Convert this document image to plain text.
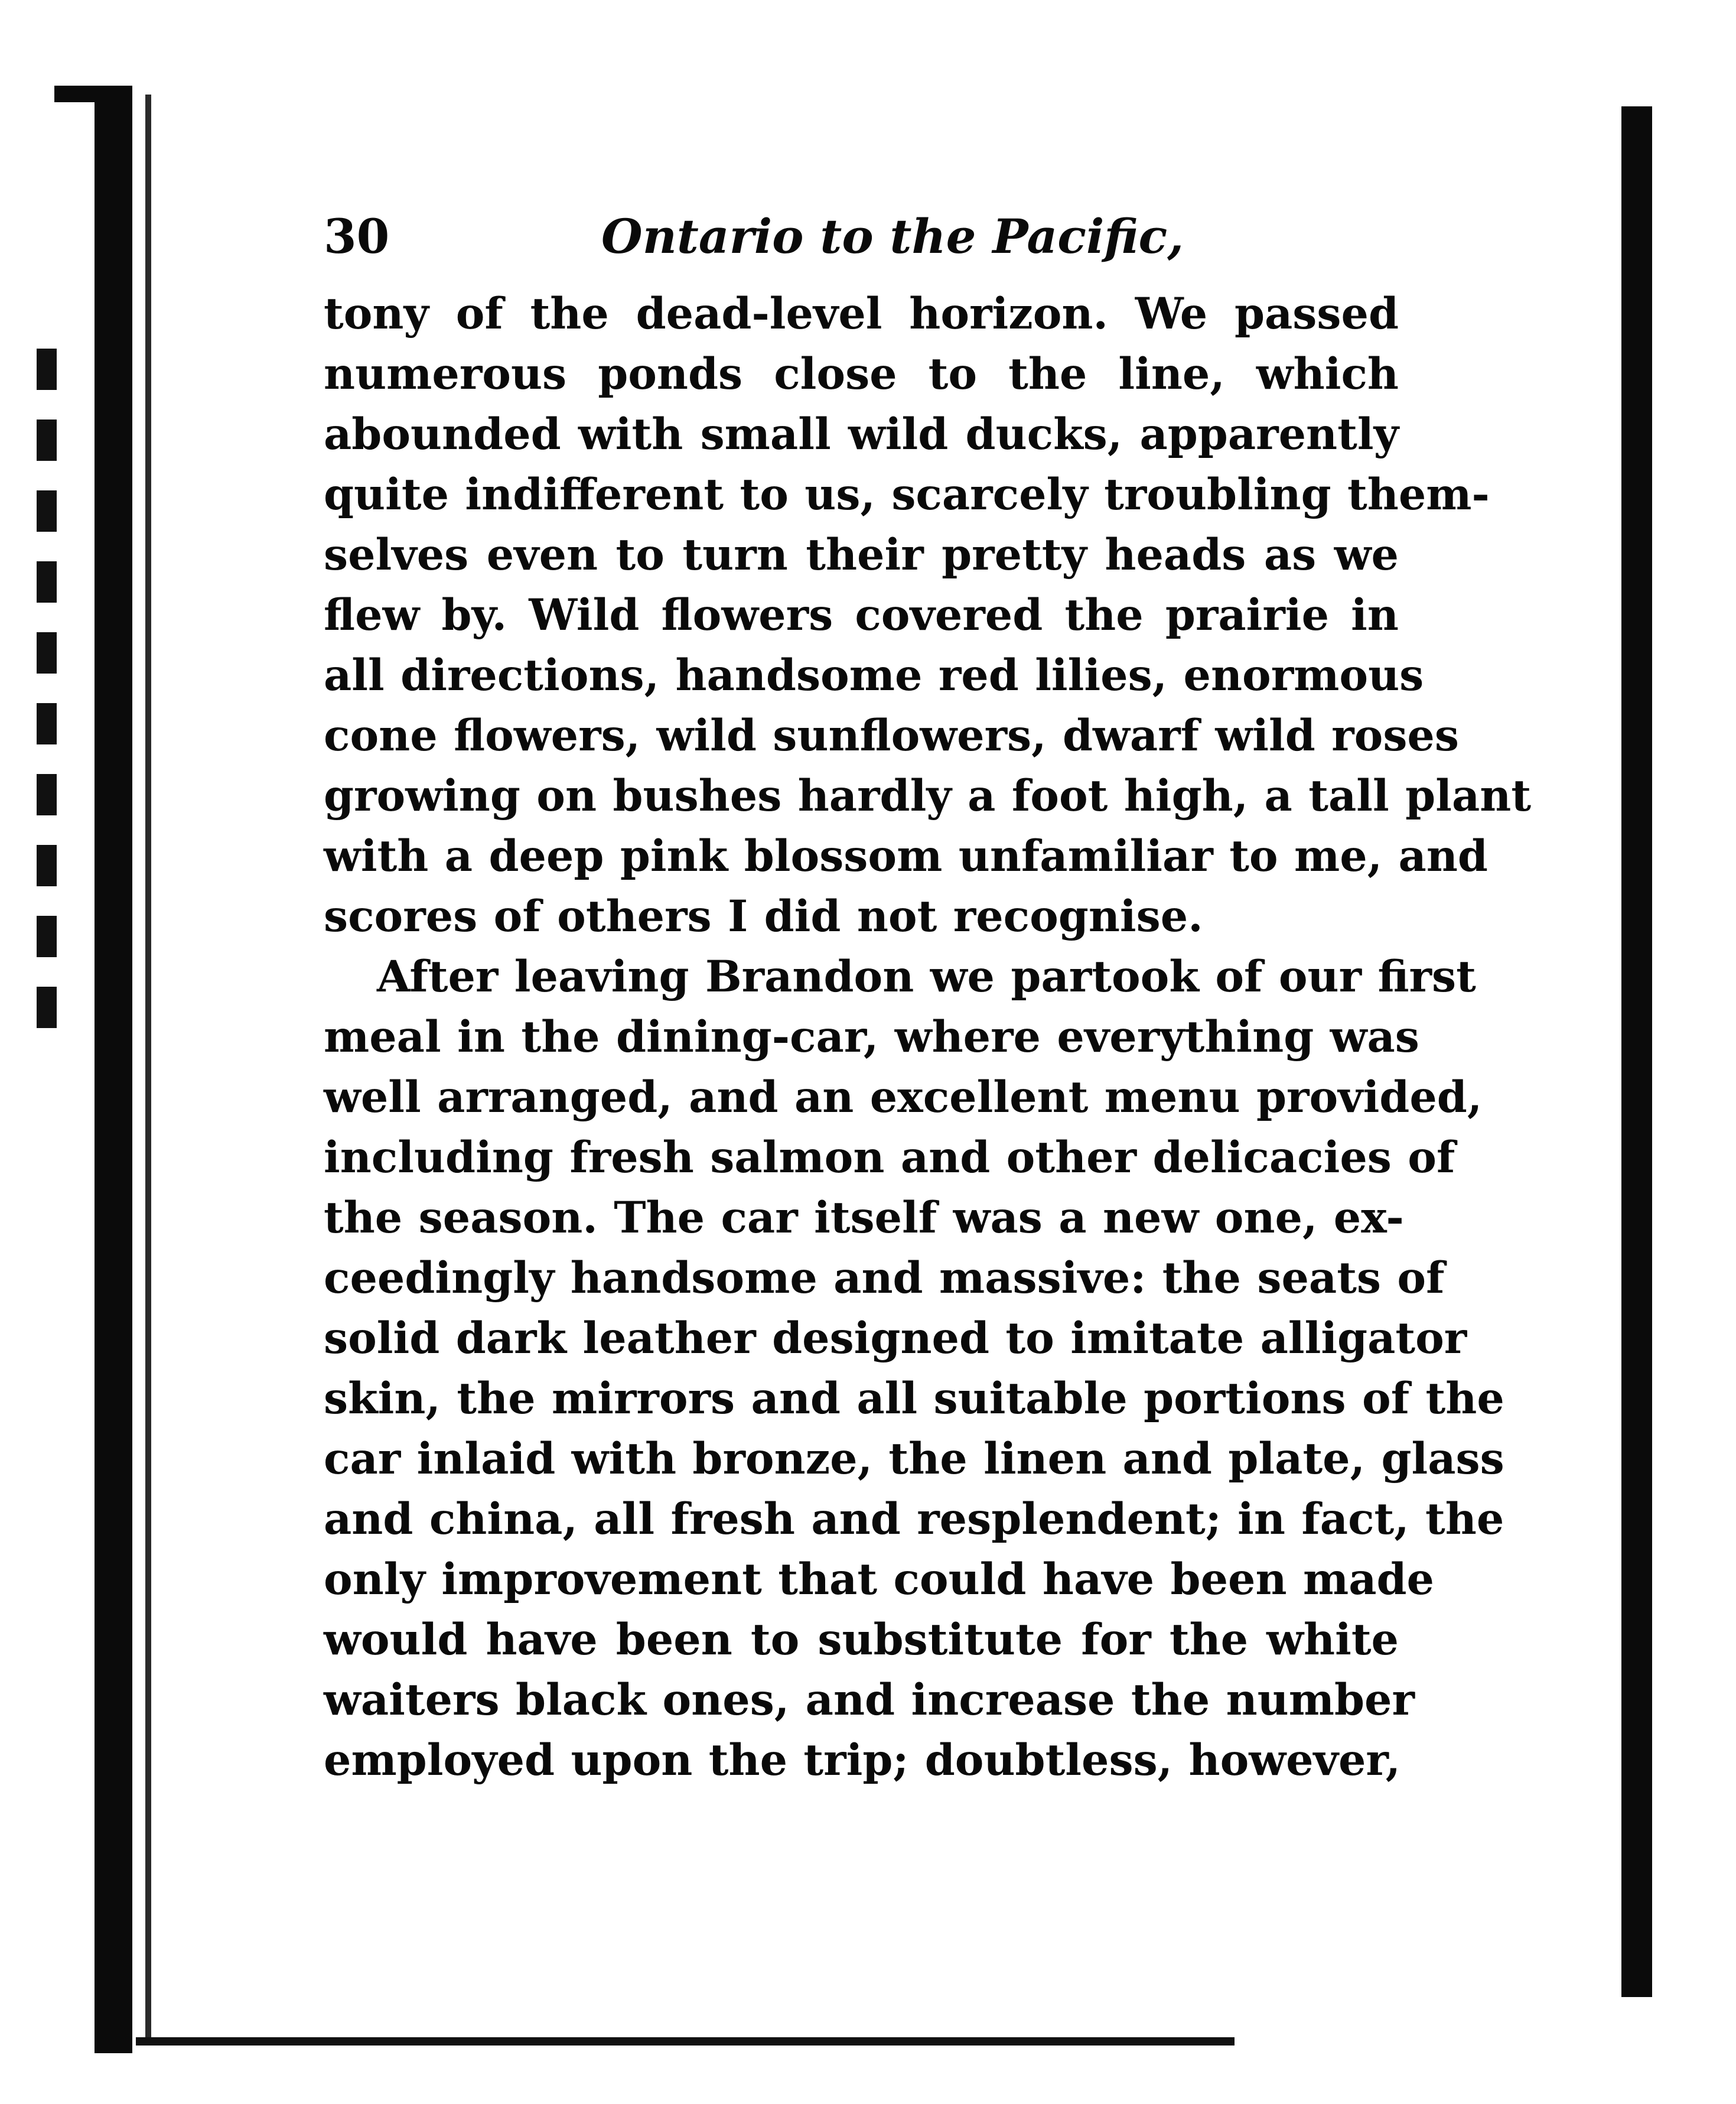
30	Ontario to the Pacific,

tony of the dead-level horizon. We passed
numerous ponds close to the line, which
abounded with small wild ducks, apparently
quite indifferent to us, scarcely troubling them-
selves even to turn their pretty heads as we
flew by. Wild flowers covered the prairie in
all directions, handsome red lilies, enormous
cone flowers, wild sunflowers, dwarf wild roses
growing on bushes hardly a foot high, a tall plant
with a deep pink blossom unfamiliar to me, and
scores of others I did not recognise.

After leaving Brandon we partook of our first
meal in the dining-car, where everything was
well arranged, and an excellent menu provided,
including fresh salmon and other delicacies of
the season. The car itself was a new one, ex-
ceedingly handsome and massive: the seats of
solid dark leather designed to imitate alligator
skin, the mirrors and all suitable portions of the
car inlaid with bronze, the linen and plate, glass
and china, all fresh and resplendent; in fact, the
only improvement that could have been made
would have been to substitute for the white
waiters black ones, and increase the number
employed upon the trip; doubtless, however,
